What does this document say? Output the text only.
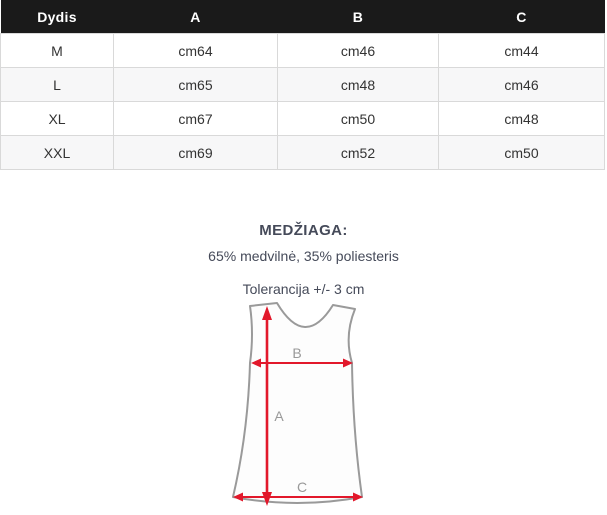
Dydis	A	B	C
M	cm64	cm46	cm44
L	cm65	cm48	cm46
XL	cm67	cm50	cm48
XXL	cm69	cm52	cm50
MEDŽIAGA:
65% medvilnė, 35% poliesteris
Tolerancija +/- 3 cm
B
A
C
